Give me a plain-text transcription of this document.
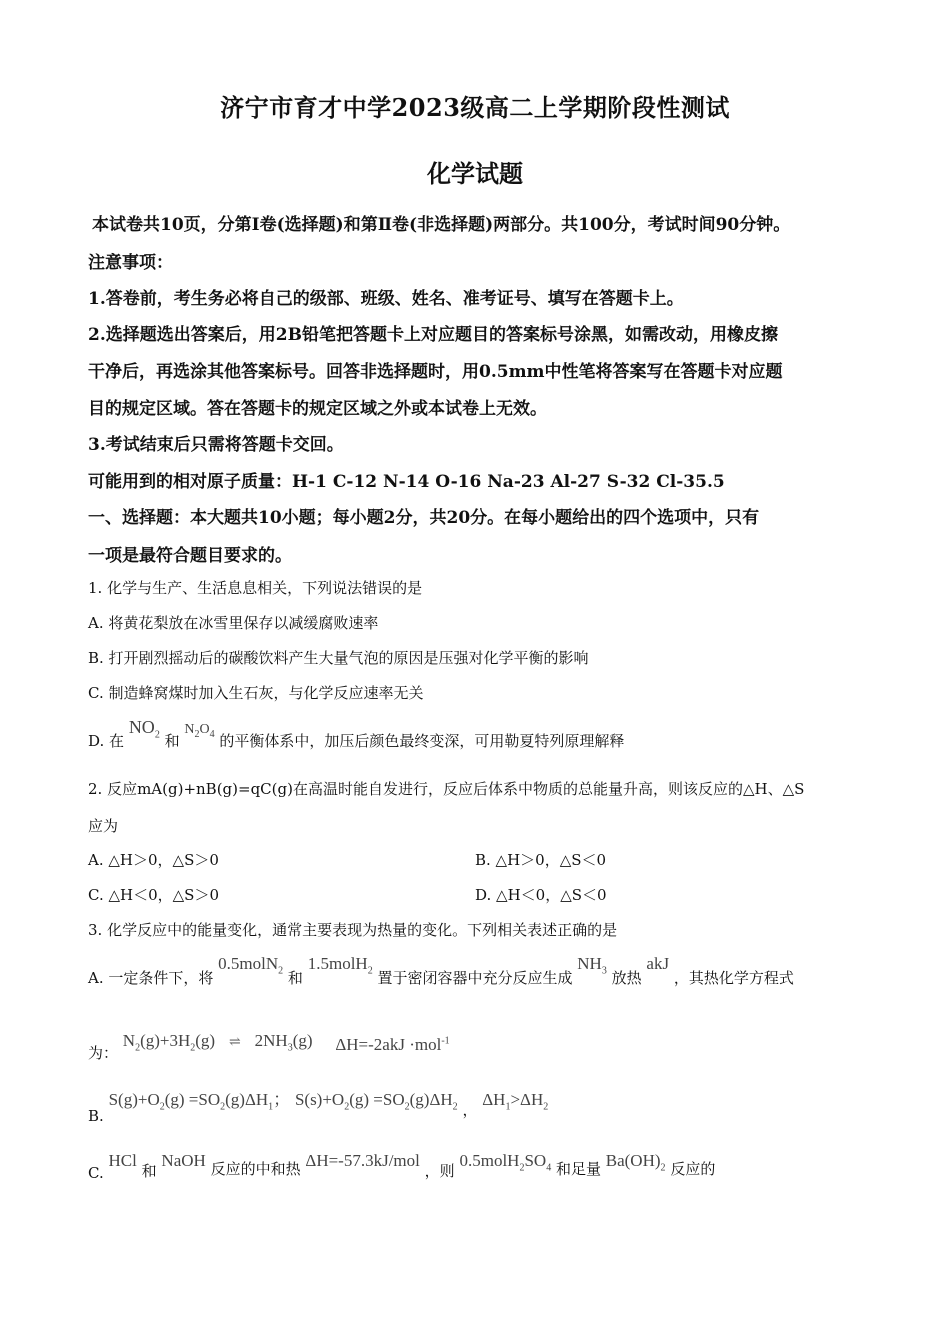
济宁市育才中学2023级高二上学期阶段性测试
化学试题
本试卷共10页，分第Ⅰ卷(选择题)和第Ⅱ卷(非选择题)两部分。共100分，考试时间90分钟。
注意事项：
1.答卷前，考生务必将自己的级部、班级、姓名、准考证号、填写在答题卡上。
2.选择题选出答案后，用2B铅笔把答题卡上对应题目的答案标号涂黑，如需改动，用橡皮擦
干净后，再选涂其他答案标号。回答非选择题时，用0.5mm中性笔将答案写在答题卡对应题
目的规定区域。答在答题卡的规定区域之外或本试卷上无效。
3.考试结束后只需将答题卡交回。
可能用到的相对原子质量：H-1 C-12 N-14 O-16 Na-23 Al-27 S-32 Cl-35.5
一、选择题：本大题共10小题；每小题2分，共20分。在每小题给出的四个选项中，只有
一项是最符合题目要求的。
1. 化学与生产、生活息息相关，下列说法错误的是
A. 将黄花梨放在冰雪里保存以减缓腐败速率
B. 打开剧烈摇动后的碳酸饮料产生大量气泡的原因是压强对化学平衡的影响
C. 制造蜂窝煤时加入生石灰，与化学反应速率无关
D. 在 $NO_2$ 和 $N_2O_4$ 的平衡体系中，加压后颜色最终变深，可用勒夏特列原理解释
2. 反应mA(g)+nB(g)=qC(g)在高温时能自发进行，反应后体系中物质的总能量升高，则该反应的△H、△S
应为
A. △H＞0，△S＞0	B. △H＞0，△S＜0
C. △H＜0，△S＞0	D. △H＜0，△S＜0
3. 化学反应中的能量变化，通常主要表现为热量的变化。下列相关表述正确的是
A. 一定条件下，将 0.5molN$_2$ 和 1.5molH$_2$ 置于密闭容器中充分反应生成 $NH_3$ 放热 akJ ，其热化学方程式
为： $N_2(g)+3H_2(g)$ ⇌ $2NH_3(g)$ ΔH=-2akJ ·mol$^{-1}$
B. $S(g)+O_2(g) =SO_2(g)\Delta H_1$； $S(s)+O_2(g) =SO_2(g)\Delta H_2$ ， $\Delta H_1>\Delta H_2$
C. HCl 和 NaOH 反应的中和热 ΔH=-57.3kJ/mol ，则 $0.5molH_2SO_4$ 和足量 $Ba(OH)_2$ 反应的
